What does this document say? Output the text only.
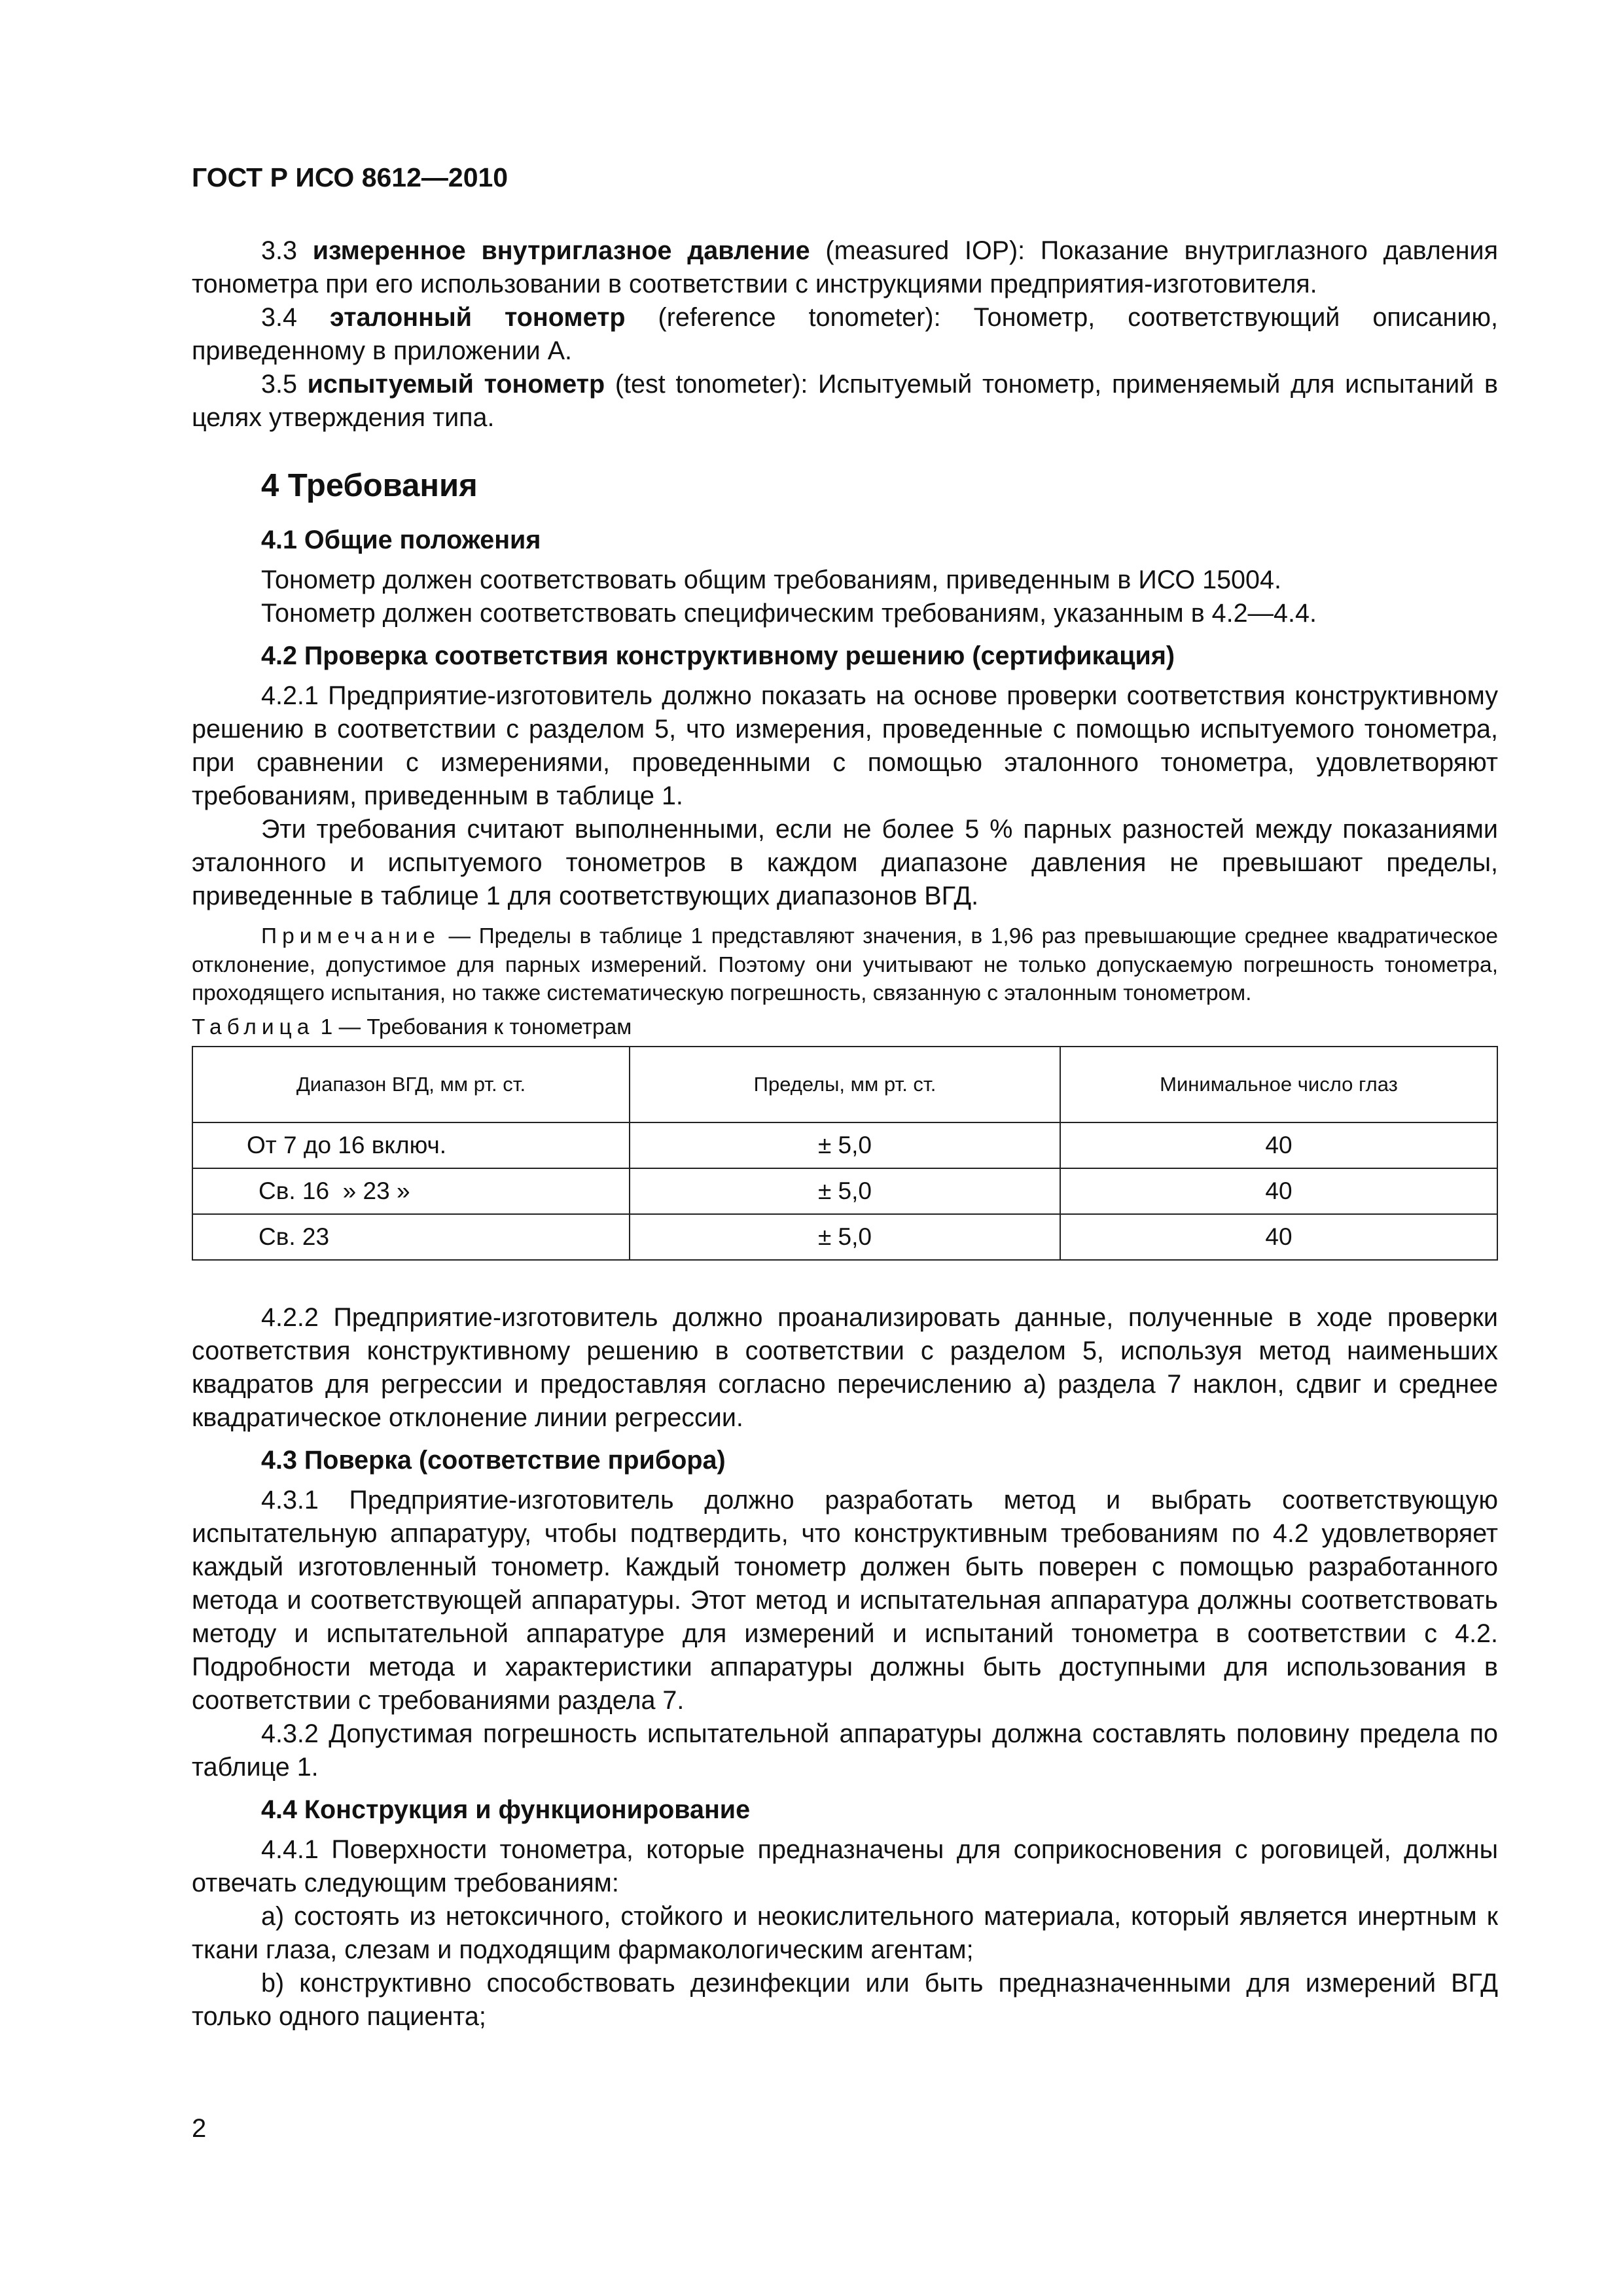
ГОСТ Р ИСО 8612—2010

3.3 измеренное внутриглазное давление (measured IOP): Показание внутриглазного давления тонометра при его использовании в соответствии с инструкциями предприятия-изготовителя.

3.4 эталонный тонометр (reference tonometer): Тонометр, соответствующий описанию, приведенному в приложении А.

3.5 испытуемый тонометр (test tonometer): Испытуемый тонометр, применяемый для испытаний в целях утверждения типа.

4 Требования

4.1 Общие положения

Тонометр должен соответствовать общим требованиям, приведенным в ИСО 15004.

Тонометр должен соответствовать специфическим требованиям, указанным в 4.2—4.4.

4.2 Проверка соответствия конструктивному решению (сертификация)

4.2.1 Предприятие-изготовитель должно показать на основе проверки соответствия конструктивному решению в соответствии с разделом 5, что измерения, проведенные с помощью испытуемого тонометра, при сравнении с измерениями, проведенными с помощью эталонного тонометра, удовлетворяют требованиям, приведенным в таблице 1.

Эти требования считают выполненными, если не более 5 % парных разностей между показаниями эталонного и испытуемого тонометров в каждом диапазоне давления не превышают пределы, приведенные в таблице 1 для соответствующих диапазонов ВГД.

Примечание — Пределы в таблице 1 представляют значения, в 1,96 раз превышающие среднее квадратическое отклонение, допустимое для парных измерений. Поэтому они учитывают не только допускаемую погрешность тонометра, проходящего испытания, но также систематическую погрешность, связанную с эталонным тонометром.

Таблица 1 — Требования к тонометрам

Диапазон ВГД, мм рт. ст.	Пределы, мм рт. ст.	Минимальное число глаз
От 7 до 16 включ.	± 5,0	40
Св. 16  » 23 »	± 5,0	40
Св. 23	± 5,0	40

4.2.2 Предприятие-изготовитель должно проанализировать данные, полученные в ходе проверки соответствия конструктивному решению в соответствии с разделом 5, используя метод наименьших квадратов для регрессии и предоставляя согласно перечислению а) раздела 7 наклон, сдвиг и среднее квадратическое отклонение линии регрессии.

4.3 Поверка (соответствие прибора)

4.3.1 Предприятие-изготовитель должно разработать метод и выбрать соответствующую испытательную аппаратуру, чтобы подтвердить, что конструктивным требованиям по 4.2 удовлетворяет каждый изготовленный тонометр. Каждый тонометр должен быть поверен с помощью разработанного метода и соответствующей аппаратуры. Этот метод и испытательная аппаратура должны соответствовать методу и испытательной аппаратуре для измерений и испытаний тонометра в соответствии с 4.2. Подробности метода и характеристики аппаратуры должны быть доступными для использования в соответствии с требованиями раздела 7.

4.3.2 Допустимая погрешность испытательной аппаратуры должна составлять половину предела по таблице 1.

4.4 Конструкция и функционирование

4.4.1 Поверхности тонометра, которые предназначены для соприкосновения с роговицей, должны отвечать следующим требованиям:

а) состоять из нетоксичного, стойкого и неокислительного материала, который является инертным к ткани глаза, слезам и подходящим фармакологическим агентам;

b) конструктивно способствовать дезинфекции или быть предназначенными для измерений ВГД только одного пациента;

2
